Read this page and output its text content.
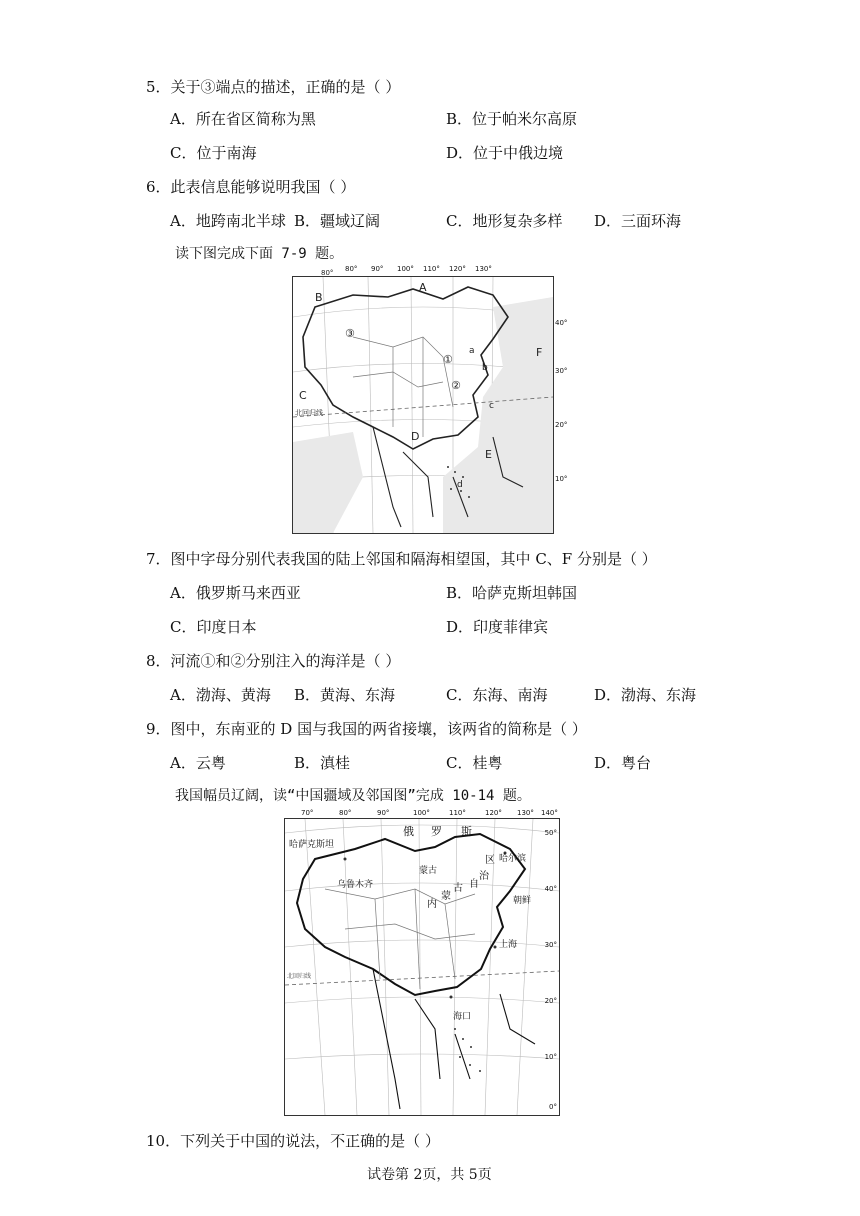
5．关于③端点的描述，正确的是（ ）
A．所在省区简称为黑	B．位于帕米尔高原
C．位于南海	D．位于中俄边境
6．此表信息能够说明我国（ ）
A．地跨南北半球 B．疆域辽阔	C．地形复杂多样 D．三面环海
读下图完成下面 7-9 题。
北回归线
80°
A
B
C
D
E
F
a
b
c
d
①
②
③
80° 90° 100° 110° 120° 130°
40°
30°
20°
10°
7．图中字母分别代表我国的陆上邻国和隔海相望国，其中 C、F 分别是（ ）
A．俄罗斯马来西亚	B．哈萨克斯坦韩国
C．印度日本	D．印度菲律宾
8．河流①和②分别注入的海洋是（ ）
A．渤海、黄海 B．黄海、东海	C．东海、南海	D．渤海、东海
9．图中，东南亚的 D 国与我国的两省接壤，该两省的简称是（ ）
A．云粤	B．滇桂	C．桂粤	D．粤台
我国幅员辽阔，读“中国疆域及邻国图”完成 10-14 题。
哈萨克斯坦
俄 罗 斯
蒙古
乌鲁木齐
区 哈尔滨
自
治
内
蒙
古
朝鲜
上海
海口
北回归线
70°	80°	90°	100°	110°	120° 130° 140°
50°
40°
30°
20°
10°
0°
10．下列关于中国的说法，不正确的是（ ）
试卷第 2页，共 5页
